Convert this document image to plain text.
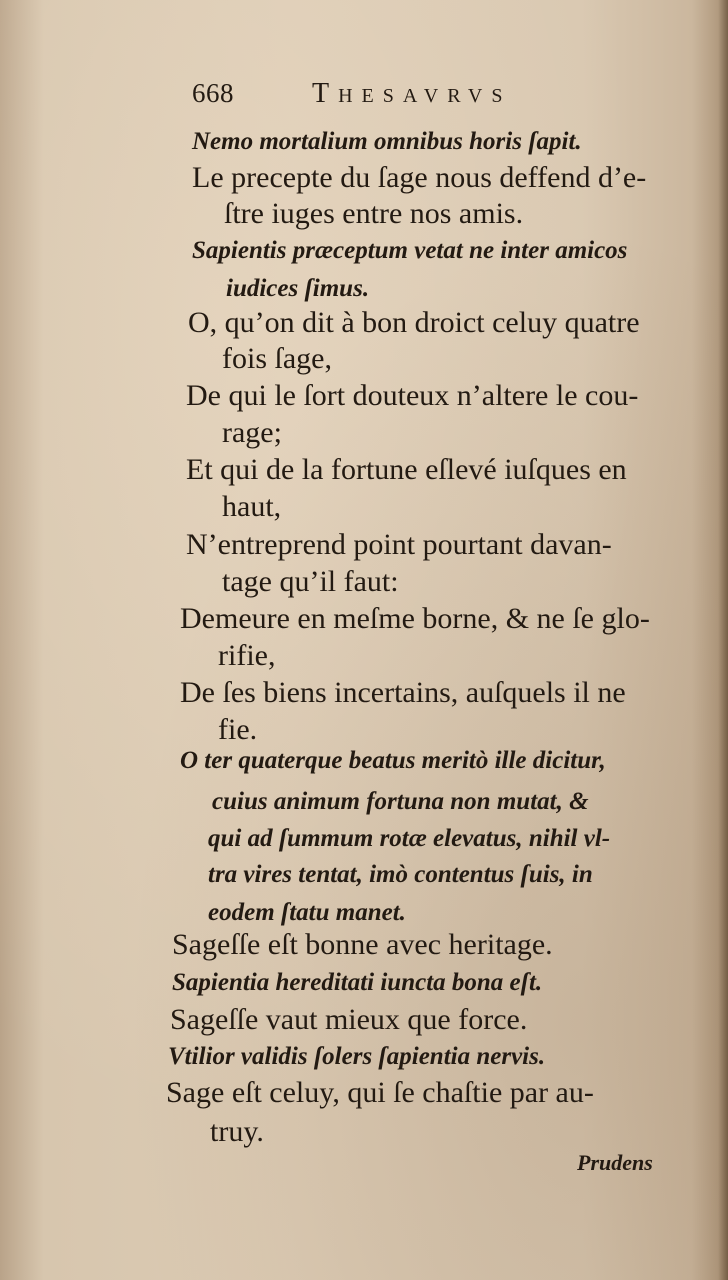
668	Thesavrvs
Nemo mortalium omnibus horis ſapit.
Le precepte du ſage nous deffend d’e-
ſtre iuges entre nos amis.
Sapientis præceptum vetat ne inter amicos
iudices ſimus.
O, qu’on dit à bon droict celuy quatre
fois ſage,
De qui le ſort douteux n’altere le cou-
rage;
Et qui de la fortune eſlevé iuſques en
haut,
N’entreprend point pourtant davan-
tage qu’il faut:
Demeure en meſme borne, & ne ſe glo-
rifie,
De ſes biens incertains, auſquels il ne
fie.
O ter quaterque beatus meritò ille dicitur,
cuius animum fortuna non mutat, &
qui ad ſummum rotæ elevatus, nihil vl-
tra vires tentat, imò contentus ſuis, in
eodem ſtatu manet.
Sageſſe eſt bonne avec heritage.
Sapientia hereditati iuncta bona eſt.
Sageſſe vaut mieux que force.
Vtilior validis ſolers ſapientia nervis.
Sage eſt celuy, qui ſe chaſtie par au-
truy.
Prudens
